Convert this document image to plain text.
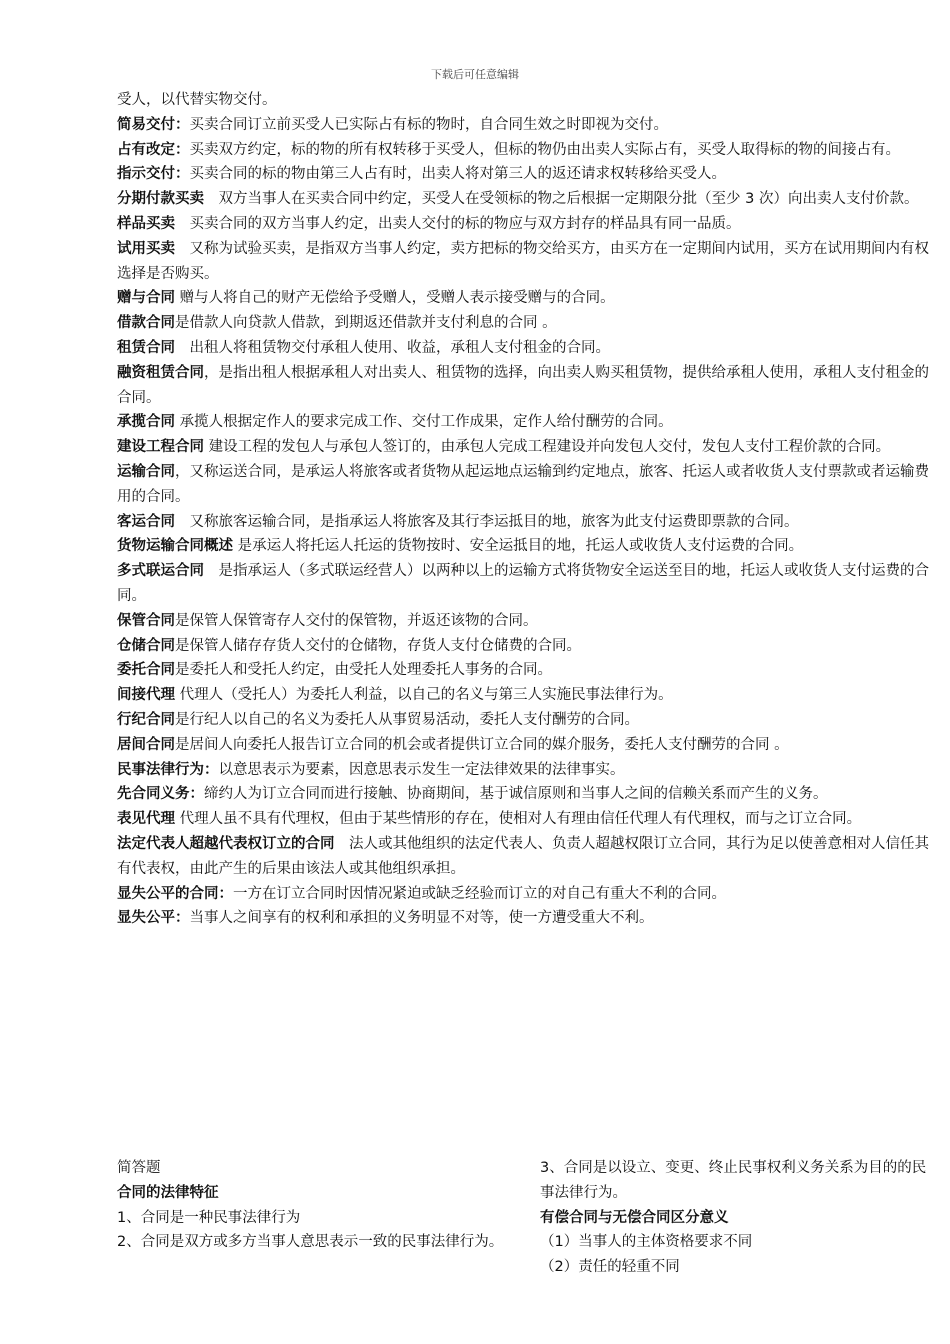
下载后可任意编辑

受人，以代替实物交付。

简易交付：买卖合同订立前买受人已实际占有标的物时，自合同生效之时即视为交付。

占有改定：买卖双方约定，标的物的所有权转移于买受人，但标的物仍由出卖人实际占有，买受人取得标的物的间接占有。

指示交付：买卖合同的标的物由第三人占有时，出卖人将对第三人的返还请求权转移给买受人。

分期付款买卖　双方当事人在买卖合同中约定，买受人在受领标的物之后根据一定期限分批（至少 3 次）向出卖人支付价款。

样品买卖　买卖合同的双方当事人约定，出卖人交付的标的物应与双方封存的样品具有同一品质。

试用买卖　又称为试验买卖，是指双方当事人约定，卖方把标的物交给买方，由买方在一定期间内试用，买方在试用期间内有权选择是否购买。

赠与合同 赠与人将自己的财产无偿给予受赠人，受赠人表示接受赠与的合同。

借款合同是借款人向贷款人借款，到期返还借款并支付利息的合同 。

租赁合同　出租人将租赁物交付承租人使用、收益，承租人支付租金的合同。

融资租赁合同，是指出租人根据承租人对出卖人、租赁物的选择，向出卖人购买租赁物，提供给承租人使用，承租人支付租金的合同。

承揽合同 承揽人根据定作人的要求完成工作、交付工作成果，定作人给付酬劳的合同。

建设工程合同 建设工程的发包人与承包人签订的，由承包人完成工程建设并向发包人交付，发包人支付工程价款的合同。

运输合同，又称运送合同，是承运人将旅客或者货物从起运地点运输到约定地点，旅客、托运人或者收货人支付票款或者运输费用的合同。

客运合同　又称旅客运输合同，是指承运人将旅客及其行李运抵目的地，旅客为此支付运费即票款的合同。

货物运输合同概述 是承运人将托运人托运的货物按时、安全运抵目的地，托运人或收货人支付运费的合同。

多式联运合同　是指承运人（多式联运经营人）以两种以上的运输方式将货物安全运送至目的地，托运人或收货人支付运费的合同。

保管合同是保管人保管寄存人交付的保管物，并返还该物的合同。

仓储合同是保管人储存存货人交付的仓储物，存货人支付仓储费的合同。

委托合同是委托人和受托人约定，由受托人处理委托人事务的合同。

间接代理 代理人（受托人）为委托人利益，以自己的名义与第三人实施民事法律行为。

行纪合同是行纪人以自己的名义为委托人从事贸易活动，委托人支付酬劳的合同。

居间合同是居间人向委托人报告订立合同的机会或者提供订立合同的媒介服务，委托人支付酬劳的合同 。

民事法律行为：以意思表示为要素，因意思表示发生一定法律效果的法律事实。

先合同义务：缔约人为订立合同而进行接触、协商期间，基于诚信原则和当事人之间的信赖关系而产生的义务。

表见代理 代理人虽不具有代理权，但由于某些情形的存在，使相对人有理由信任代理人有代理权，而与之订立合同。

法定代表人超越代表权订立的合同　法人或其他组织的法定代表人、负责人超越权限订立合同，其行为足以使善意相对人信任其有代表权，由此产生的后果由该法人或其他组织承担。

显失公平的合同：一方在订立合同时因情况紧迫或缺乏经验而订立的对自己有重大不利的合同。

显失公平：当事人之间享有的权利和承担的义务明显不对等，使一方遭受重大不利。

简答题

合同的法律特征

1、合同是一种民事法律行为

2、合同是双方或多方当事人意思表示一致的民事法律行为。

3、合同是以设立、变更、终止民事权利义务关系为目的的民事法律行为。

有偿合同与无偿合同区分意义

（1）当事人的主体资格要求不同

（2）责任的轻重不同
